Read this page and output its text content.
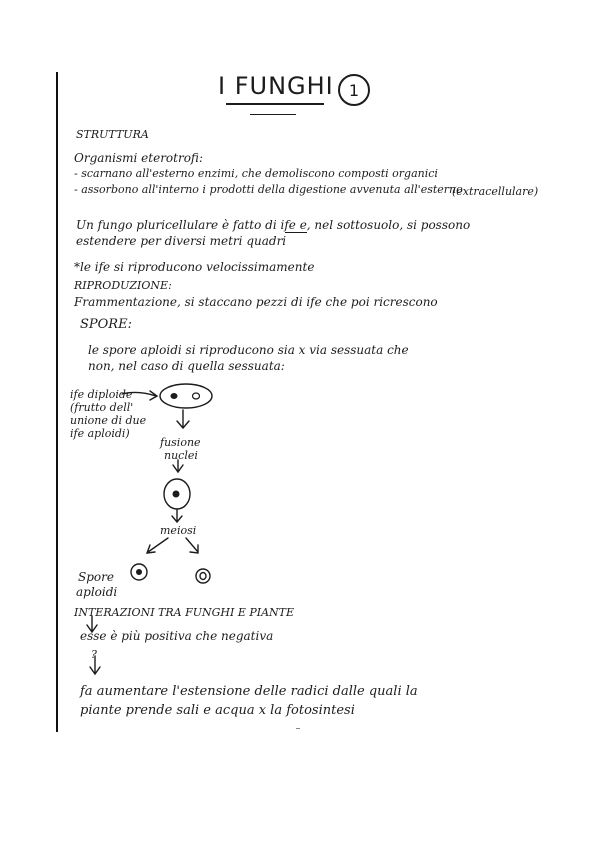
I FUNGHI 1
STRUTTURA
Organismi eterotrofi:
- scarnano all'esterno enzimi, che demoliscono composti organici
- assorbono all'interno i prodotti della digestione avvenuta all'esterno
(extracellulare)
Un fungo pluricellulare è fatto di ife e, nel sottosuolo, si possono
estendere per diversi metri quadri
*le ife si riproducono velocissimamente
RIPRODUZIONE:
Frammentazione, si staccano pezzi di ife che poi ricrescono
SPORE:
le spore aploidi si riproducono sia x via sessuata che
non, nel caso di quella sessuata:
ife diploide
(frutto dell'
unione di due
ife aploidi)
fusione
nuclei
meiosi
Spore
aploidi
INTERAZIONI TRA FUNGHI E PIANTE
esse è più positiva che negativa
?
fa aumentare l'estensione delle radici dalle quali la
piante prende sali e acqua x la fotosintesi
